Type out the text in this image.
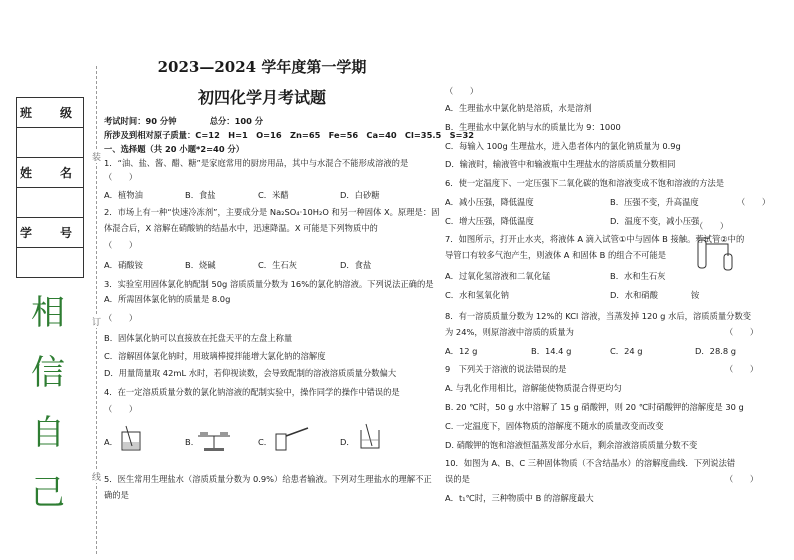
班　级

姓　名

学　号

相
信
自
己
装
订
线
2023—2024 学年度第一学期
初四化学月考试题
考试时间：90 分钟　　　　总分：100 分
所涉及到相对原子质量：C=12　H=1　O=16　Zn=65　Fe=56　Ca=40　Cl=35.5　S=32
一、选择题（共 20 小题*2=40 分）
1．“油、盐、酱、醋、糖”是家庭常用的厨房用品，其中与水混合不能形成溶液的是
（　　）
A．植物油	B．食盐	C．米醋	D．白砂糖
2．市场上有一种“快速冷冻剂”，主要成分是 Na₂SO₄·10H₂O 和另一种固体 X。原理是：固
体混合后，X 溶解在硝酸钠的结晶水中，迅速降温。X 可能是下列物质中的
（　　）
A．硝酸铵	B．烧碱	C．生石灰	D．食盐
3．实验室用固体氯化钠配制 50g 溶质质量分数为 16%的氯化钠溶液。下列说法正确的是
A．所需固体氯化钠的质量是 8.0g
（　　）
B．固体氯化钠可以直接放在托盘天平的左盘上称量
C．溶解固体氯化钠时，用玻璃棒搅拌能增大氯化钠的溶解度
D．用量筒量取 42mL 水时，若仰视读数，会导致配制的溶液溶质质量分数偏大
4．在一定溶质质量分数的氯化钠溶液的配制实验中，操作同学的操作中错误的是
（　　）
A．	B．	C．	D．
5．医生常用生理盐水（溶质质量分数为 0.9%）给患者输液。下列对生理盐水的理解不正
确的是
（　　）
A．生理盐水中氯化钠是溶质，水是溶剂
B．生理盐水中氯化钠与水的质量比为 9：1000
C．每输入 100g 生理盐水，进入患者体内的氯化钠质量为 0.9g
D．输液时，输液管中和输液瓶中生理盐水的溶质质量分数相同
6．使一定温度下、一定压强下二氧化碳的饱和溶液变成不饱和溶液的方法是
A．减小压强，降低温度	B．压强不变，升高温度	（　　）
C．增大压强，降低温度	D．温度不变，减小压强
7．如图所示，打开止水夹，将液体 A 滴入试管①中与固体 B 接触。若试管②中的
导管口有较多气泡产生，则液体 A 和固体 B 的组合不可能是
（　　）
A．过氧化氢溶液和二氧化锰	B．水和生石灰
C．水和氢氧化钠	D．水和硝酸　　　　铵
8．有一溶质质量分数为 12%的 KCl 溶液，当蒸发掉 120 g 水后，溶质质量分数变
为 24%，则原溶液中溶质的质量为	（　　）
A．12 g	B．14.4 g	C．24 g	D．28.8 g
9　下列关于溶液的说法错误的是	（　　）
A. 与乳化作用相比，溶解能使物质混合得更均匀
B. 20 ℃时，50 g 水中溶解了 15 g 硝酸钾，则 20 ℃时硝酸钾的溶解度是 30 g
C. 一定温度下，固体物质的溶解度不随水的质量改变而改变
D. 硝酸钾的饱和溶液恒温蒸发部分水后，剩余溶液溶质质量分数不变
10．如图为 A、B、C 三种固体物质（不含结晶水）的溶解度曲线．下列说法错
误的是	（　　）
A．t₁℃时，三种物质中 B 的溶解度最大
